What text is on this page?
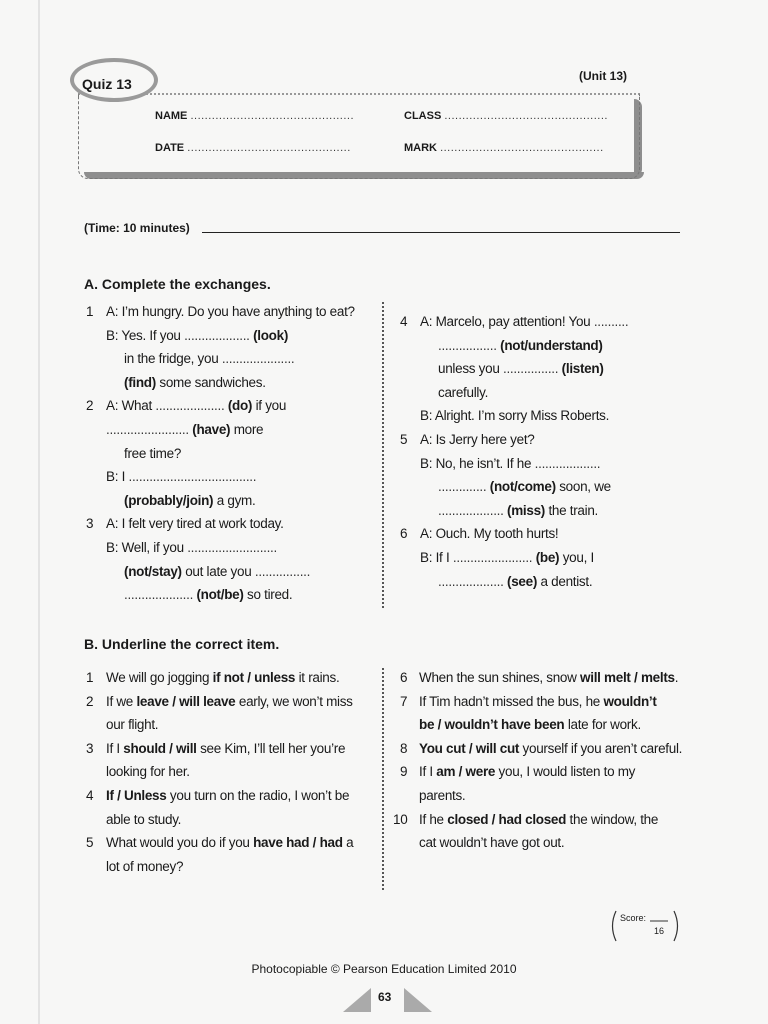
Quiz 13	(Unit 13)
NAME ..............................................	CLASS ..............................................
DATE ..............................................	MARK ..............................................
(Time: 10 minutes)
A. Complete the exchanges.
1 A: I’m hungry. Do you have anything to eat?
B: Yes. If you ................... (look)
in the fridge, you .....................
(find) some sandwiches.
2 A: What .................... (do) if you
........................ (have) more
free time?
B: I .....................................
(probably/join) a gym.
3 A: I felt very tired at work today.
B: Well, if you ..........................
(not/stay) out late you ................
.................... (not/be) so tired.
4 A: Marcelo, pay attention! You ..........
................. (not/understand)
unless you ................ (listen)
carefully.
B: Alright. I’m sorry Miss Roberts.
5 A: Is Jerry here yet?
B: No, he isn’t. If he ...................
.............. (not/come) soon, we
................... (miss) the train.
6 A: Ouch. My tooth hurts!
B: If I ....................... (be) you, I
................... (see) a dentist.
B. Underline the correct item.
1 We will go jogging if not / unless it rains.
2 If we leave / will leave early, we won’t miss
our flight.
3 If I should / will see Kim, I’ll tell her you’re
looking for her.
4 If / Unless you turn on the radio, I won’t be
able to study.
5 What would you do if you have had / had a
lot of money?
6 When the sun shines, snow will melt / melts.
7 If Tim hadn’t missed the bus, he wouldn’t
be / wouldn’t have been late for work.
8 You cut / will cut yourself if you aren’t careful.
9 If I am / were you, I would listen to my
parents.
10 If he closed / had closed the window, the
cat wouldn’t have got out.
Score:
16
Photocopiable © Pearson Education Limited 2010
63
